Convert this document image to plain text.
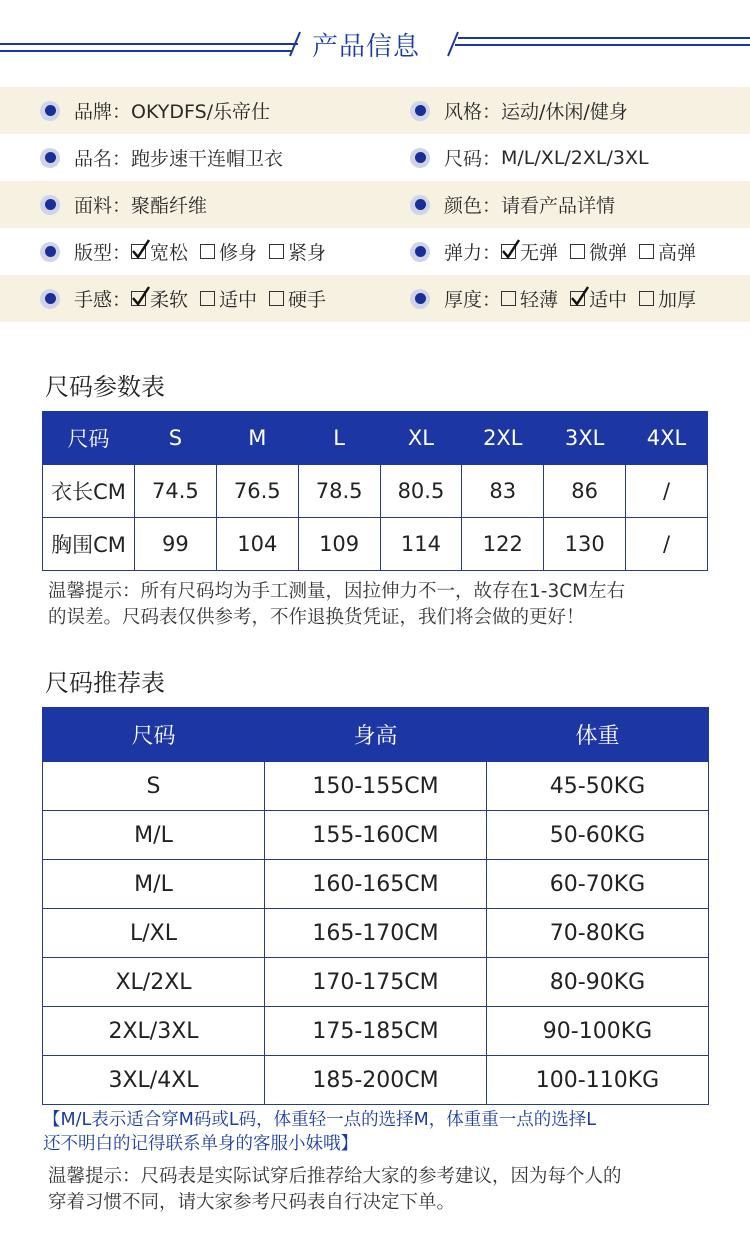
产品信息
品牌： OKYDFS/乐帝仕	风格： 运动/休闲/健身
品名： 跑步速干连帽卫衣	尺码： M/L/XL/2XL/3XL
面料： 聚酯纤维	颜色： 请看产品详情
版型： 宽松 修身 紧身	弹力： 无弹 微弹 高弹
手感： 柔软 适中 硬手	厚度： 轻薄 适中 加厚
尺码参数表
尺码	S	M	L	XL	2XL	3XL	4XL
衣长CM	74.5	76.5	78.5	80.5	83	86	/
胸围CM	99	104	109	114	122	130	/
温馨提示：所有尺码均为手工测量，因拉伸力不一，故存在1-3CM左右
的误差。尺码表仅供参考，不作退换货凭证，我们将会做的更好！
尺码推荐表
尺码	身高	体重
S	150-155CM	45-50KG
M/L	155-160CM	50-60KG
M/L	160-165CM	60-70KG
L/XL	165-170CM	70-80KG
XL/2XL	170-175CM	80-90KG
2XL/3XL	175-185CM	90-100KG
3XL/4XL	185-200CM	100-110KG
【M/L表示适合穿M码或L码，体重轻一点的选择M，体重重一点的选择L
还不明白的记得联系单身的客服小妹哦】
温馨提示：尺码表是实际试穿后推荐给大家的参考建议，因为每个人的
穿着习惯不同，请大家参考尺码表自行决定下单。
